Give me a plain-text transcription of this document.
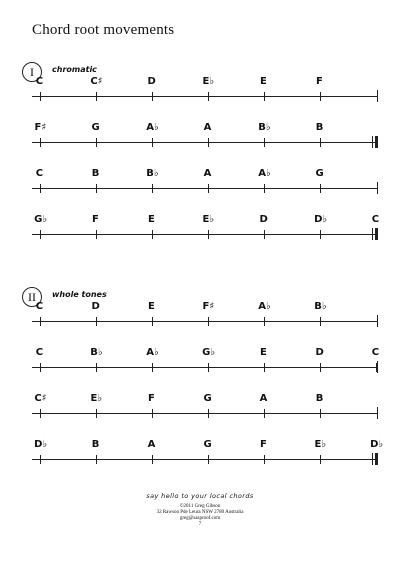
Chord root movements
I	chromatic
C	C♯	D	E♭	E	F
F♯	G	A♭	A	B♭	B
C	B	B♭	A	A♭	G
G♭	F	E	E♭	D	D♭	C
II	whole tones
C	D	E	F♯	A♭	B♭
C	B♭	A♭	G♭	E	D	C
C♯	E♭	F	G	A	B
D♭	B	A	G	F	E♭	D♭
say hello to your local chords
©2011 Greg Gibson
32 Rawson Pde Leura NSW 2780 Australia
greg@sasproof.com
7
